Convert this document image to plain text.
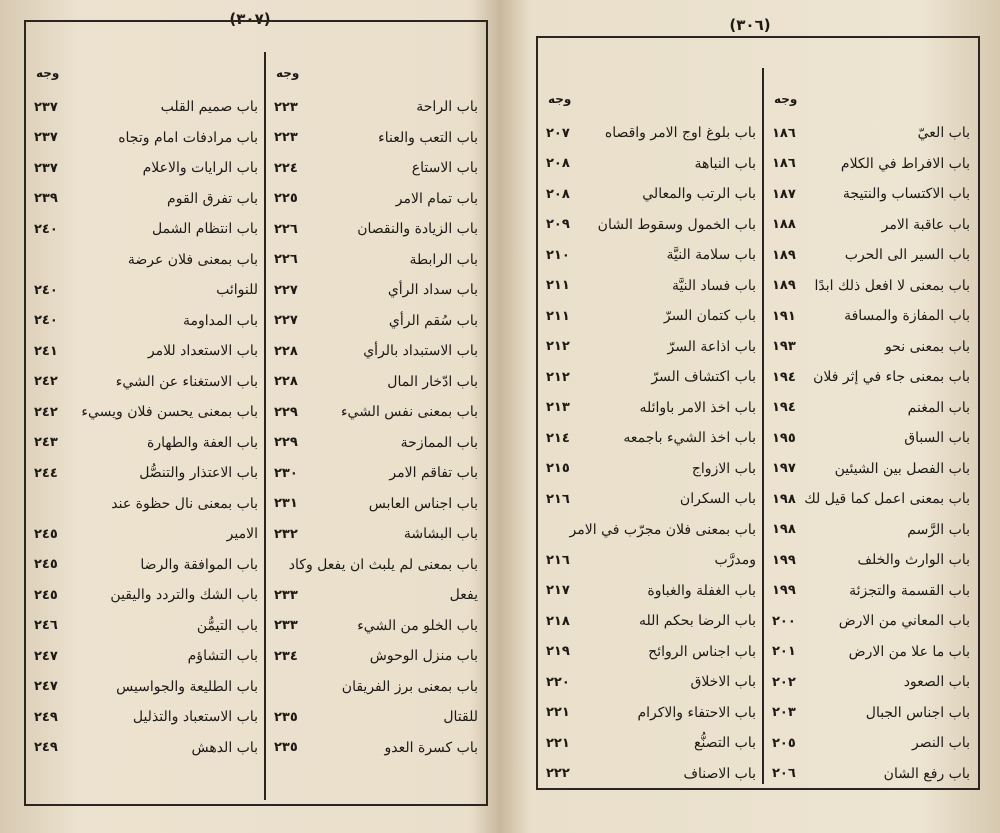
(٣٠٧)
وجه
باب الراحة
٢٢٣
باب التعب والعناء
٢٢٣
باب الاستاع
٢٢٤
باب تمام الامر
٢٢٥
باب الزيادة والنقصان
٢٢٦
باب الرابطة
٢٢٦
باب سداد الرأي
٢٢٧
باب سُقم الرأي
٢٢٧
باب الاستبداد بالرأي
٢٢٨
باب ادّخار المال
٢٢٨
باب بمعنى نفس الشيء
٢٢٩
باب الممازحة
٢٢٩
باب تفاقم الامر
٢٣٠
باب اجناس العابس
٢٣١
باب البشاشة
٢٣٢
باب بمعنى لم يلبث ان يفعل وكاد
يفعل
٢٣٣
باب الخلو من الشيء
٢٣٣
باب منزل الوحوش
٢٣٤
باب بمعنى برز الفريقان
للقتال
٢٣٥
باب كسرة العدو
٢٣٥
وجه
باب صميم القلب
٢٣٧
باب مرادفات امام وتجاه
٢٣٧
باب الرايات والاعلام
٢٣٧
باب تفرق القوم
٢٣٩
باب انتظام الشمل
٢٤٠
باب بمعنى فلان عرضة
للنوائب
٢٤٠
باب المداومة
٢٤٠
باب الاستعداد للامر
٢٤١
باب الاستغناء عن الشيء
٢٤٢
باب بمعنى يحسن فلان ويسيء
٢٤٢
باب العفة والطهارة
٢٤٣
باب الاعتذار والتنصُّل
٢٤٤
باب بمعنى نال حظوة عند
الامير
٢٤٥
باب الموافقة والرضا
٢٤٥
باب الشك والتردد واليقين
٢٤٥
باب التيمُّن
٢٤٦
باب التشاؤم
٢٤٧
باب الطليعة والجواسيس
٢٤٧
باب الاستعباد والتذليل
٢٤٩
باب الدهش
٢٤٩
(٣٠٦)
وجه
باب العيّ
١٨٦
باب الافراط في الكلام
١٨٦
باب الاكتساب والنتيجة
١٨٧
باب عاقبة الامر
١٨٨
باب السير الى الحرب
١٨٩
باب بمعنى لا افعل ذلك ابدًا
١٨٩
باب المفازة والمسافة
١٩١
باب بمعنى نحو
١٩٣
باب بمعنى جاء في إثر فلان
١٩٤
باب المغنم
١٩٤
باب السباق
١٩٥
باب الفصل بين الشيئين
١٩٧
باب بمعنى اعمل كما قيل لك
١٩٨
باب الرَّسم
١٩٨
باب الوارث والخلف
١٩٩
باب القسمة والتجزئة
١٩٩
باب المعاني من الارض
٢٠٠
باب ما علا من الارض
٢٠١
باب الصعود
٢٠٢
باب اجناس الجبال
٢٠٣
باب النصر
٢٠٥
باب رفع الشان
٢٠٦
وجه
باب بلوغ اوج الامر واقصاه
٢٠٧
باب النباهة
٢٠٨
باب الرتب والمعالي
٢٠٨
باب الخمول وسقوط الشان
٢٠٩
باب سلامة النيَّة
٢١٠
باب فساد النيَّة
٢١١
باب كتمان السرّ
٢١١
باب اذاعة السرّ
٢١٢
باب اكتشاف السرّ
٢١٢
باب اخذ الامر باوائله
٢١٣
باب اخذ الشيء باجمعه
٢١٤
باب الازواج
٢١٥
باب السكران
٢١٦
باب بمعنى فلان مجرّب في الامر
ومدرَّب
٢١٦
باب الغفلة والغباوة
٢١٧
باب الرضا بحكم الله
٢١٨
باب اجناس الروائح
٢١٩
باب الاخلاق
٢٢٠
باب الاحتفاء والاكرام
٢٢١
باب التصنُّع
٢٢١
باب الاصناف
٢٢٢
